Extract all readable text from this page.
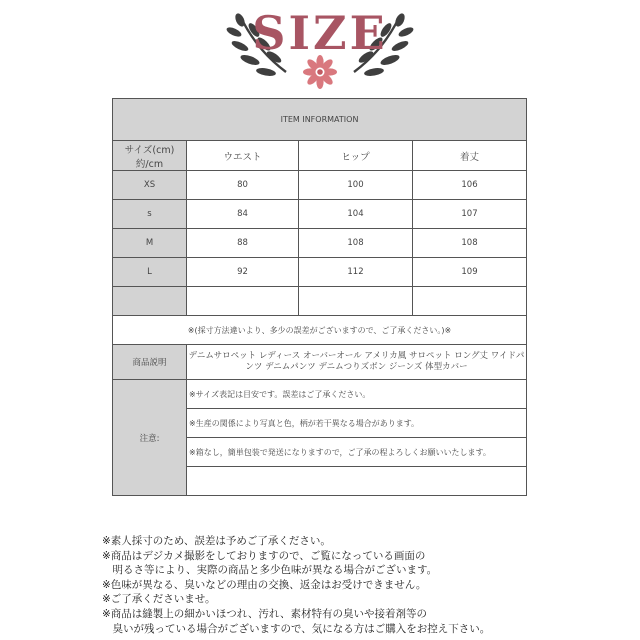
SIZE
ITEM INFORMATION			
サイズ(cm)約/cm	ウエスト	ヒップ	着丈
XS	80	100	106
s	84	104	107
M	88	108	108
L	92	112	109

※(採寸方法違いより、多少の誤差がございますので、ご了承ください。)※			
商品説明	デニムサロペット レディース オーバーオール アメリカ風 サロペット ロング丈 ワイドパンツ デニムパンツ デニムつりズボン ジーンズ 体型カバー		
注意:	※サイズ表記は目安です。誤差はご了承ください。		
	※生産の関係により写真と色，柄が若干異なる場合があります。		
	※箱なし，簡単包装で発送になりますので，ご了承の程よろしくお願いいたします。		

※素人採寸のため、誤差は予めご了承ください。
※商品はデジカメ撮影をしておりますので、ご覧になっている画面の
　明るさ等により、実際の商品と多少色味が異なる場合がございます。
※色味が異なる、臭いなどの理由の交換、返金はお受けできません。
※ご了承くださいませ。
※商品は縫製上の細かいほつれ、汚れ、素材特有の臭いや接着剤等の
　臭いが残っている場合がございますので、気になる方はご購入をお控え下さい。
